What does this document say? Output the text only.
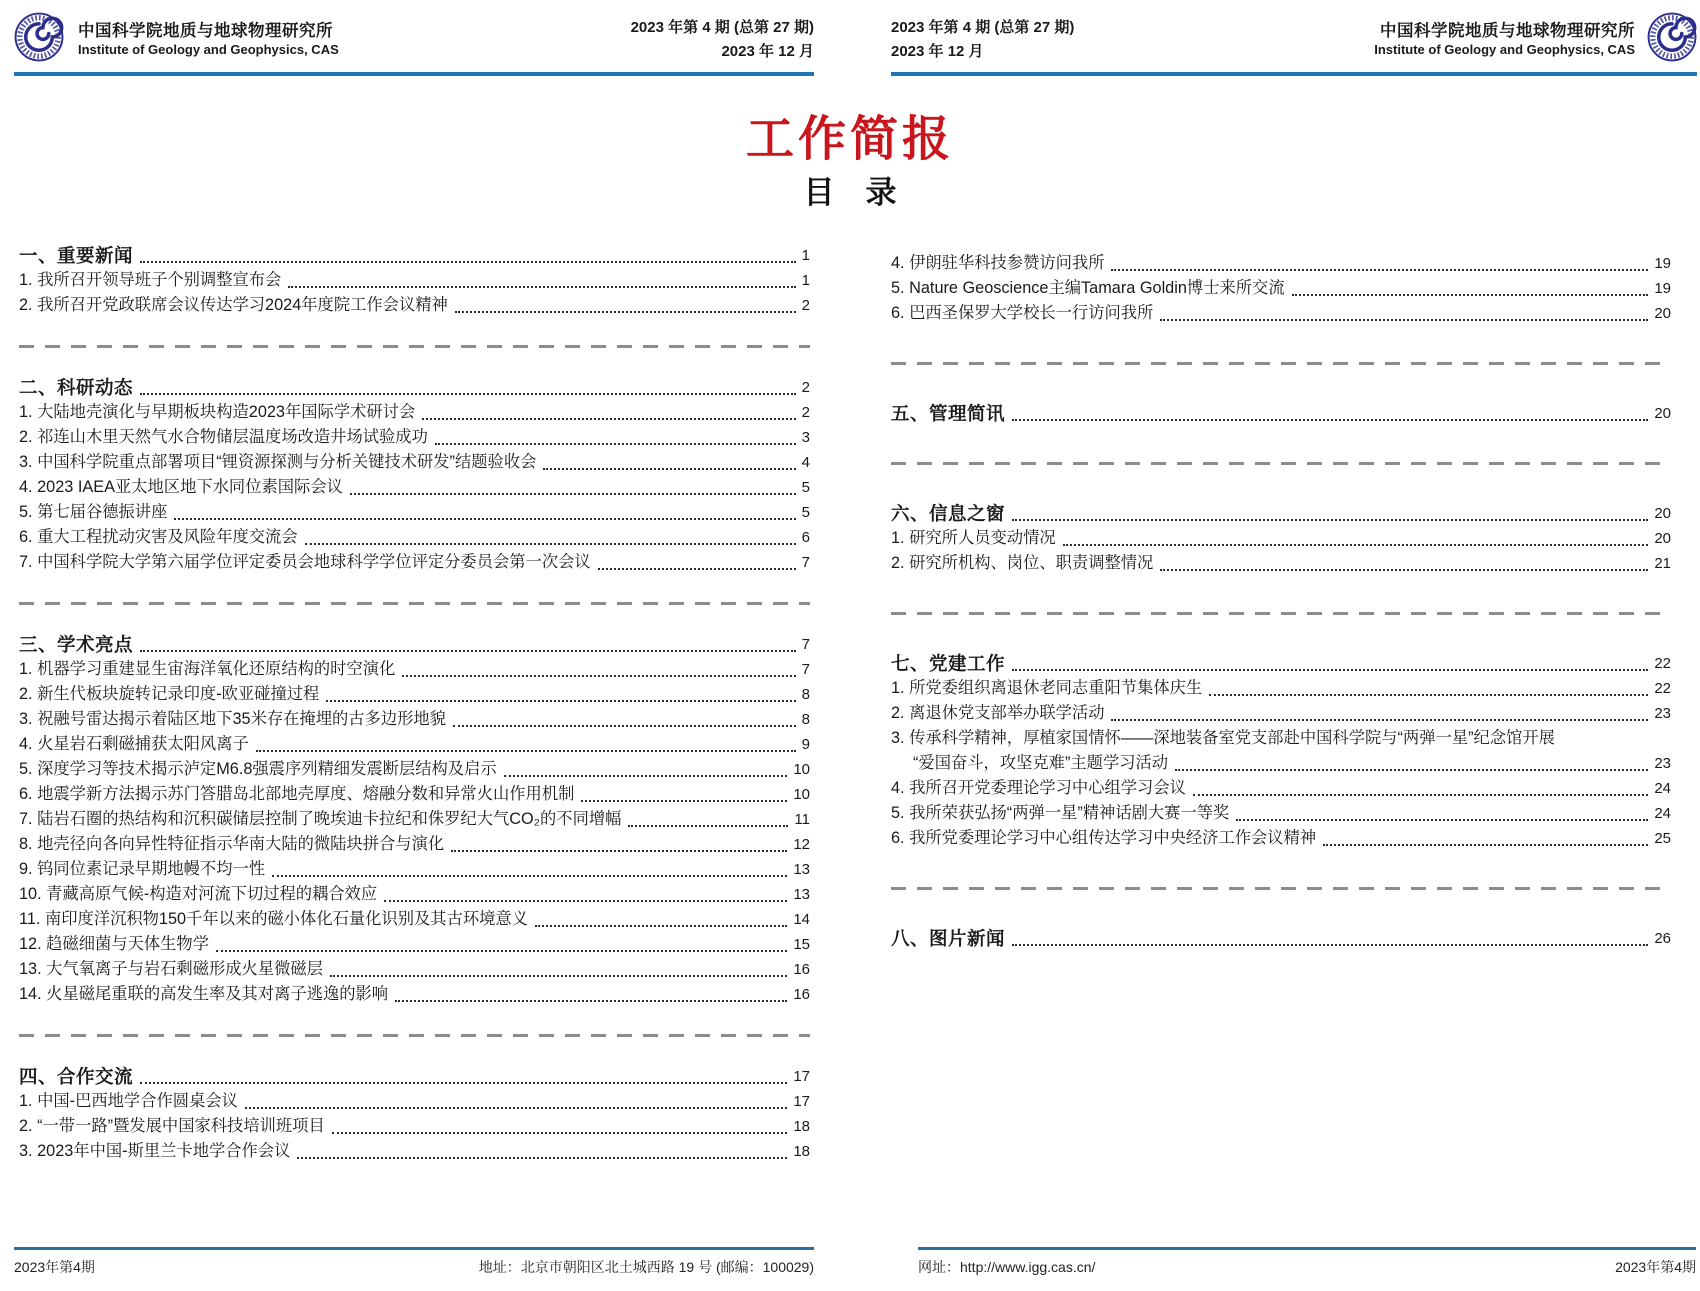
中国科学院地质与地球物理研究所
Institute of Geology and Geophysics, CAS
2023 年第 4 期 (总第 27 期)
2023 年 12 月
2023 年第 4 期 (总第 27 期)
2023 年 12 月
中国科学院地质与地球物理研究所
Institute of Geology and Geophysics, CAS
工作简报
目　录
一、重要新闻	1
1. 我所召开领导班子个别调整宣布会	1
2. 我所召开党政联席会议传达学习2024年度院工作会议精神	2
二、科研动态	2
1. 大陆地壳演化与早期板块构造2023年国际学术研讨会	2
2. 祁连山木里天然气水合物储层温度场改造井场试验成功	3
3. 中国科学院重点部署项目“锂资源探测与分析关键技术研发”结题验收会	4
4. 2023 IAEA亚太地区地下水同位素国际会议	5
5. 第七届谷德振讲座	5
6. 重大工程扰动灾害及风险年度交流会	6
7. 中国科学院大学第六届学位评定委员会地球科学学位评定分委员会第一次会议	7
三、学术亮点	7
1. 机器学习重建显生宙海洋氧化还原结构的时空演化	7
2. 新生代板块旋转记录印度-欧亚碰撞过程	8
3. 祝融号雷达揭示着陆区地下35米存在掩埋的古多边形地貌	8
4. 火星岩石剩磁捕获太阳风离子	9
5. 深度学习等技术揭示泸定M6.8强震序列精细发震断层结构及启示	10
6. 地震学新方法揭示苏门答腊岛北部地壳厚度、熔融分数和异常火山作用机制	10
7. 陆岩石圈的热结构和沉积碳储层控制了晚埃迪卡拉纪和侏罗纪大气CO₂的不同增幅	11
8. 地壳径向各向异性特征指示华南大陆的微陆块拼合与演化	12
9. 钨同位素记录早期地幔不均一性	13
10. 青藏高原气候-构造对河流下切过程的耦合效应	13
11. 南印度洋沉积物150千年以来的磁小体化石量化识别及其古环境意义	14
12. 趋磁细菌与天体生物学	15
13. 大气氧离子与岩石剩磁形成火星微磁层	16
14. 火星磁尾重联的高发生率及其对离子逃逸的影响	16
四、合作交流	17
1. 中国-巴西地学合作圆桌会议	17
2. “一带一路”暨发展中国家科技培训班项目	18
3. 2023年中国-斯里兰卡地学合作会议	18
4. 伊朗驻华科技参赞访问我所	19
5. Nature Geoscience主编Tamara Goldin博士来所交流	19
6. 巴西圣保罗大学校长一行访问我所	20
五、管理简讯	20
六、信息之窗	20
1. 研究所人员变动情况	20
2. 研究所机构、岗位、职责调整情况	21
七、党建工作	22
1. 所党委组织离退休老同志重阳节集体庆生	22
2. 离退休党支部举办联学活动	23
3. 传承科学精神，厚植家国情怀——深地装备室党支部赴中国科学院与“两弹一星”纪念馆开展
“爱国奋斗，攻坚克难”主题学习活动	23
4. 我所召开党委理论学习中心组学习会议	24
5. 我所荣获弘扬“两弹一星”精神话剧大赛一等奖	24
6. 我所党委理论学习中心组传达学习中央经济工作会议精神	25
八、图片新闻	26
2023年第4期	地址：北京市朝阳区北土城西路 19 号 (邮编：100029)	网址：http://www.igg.cas.cn/	2023年第4期
